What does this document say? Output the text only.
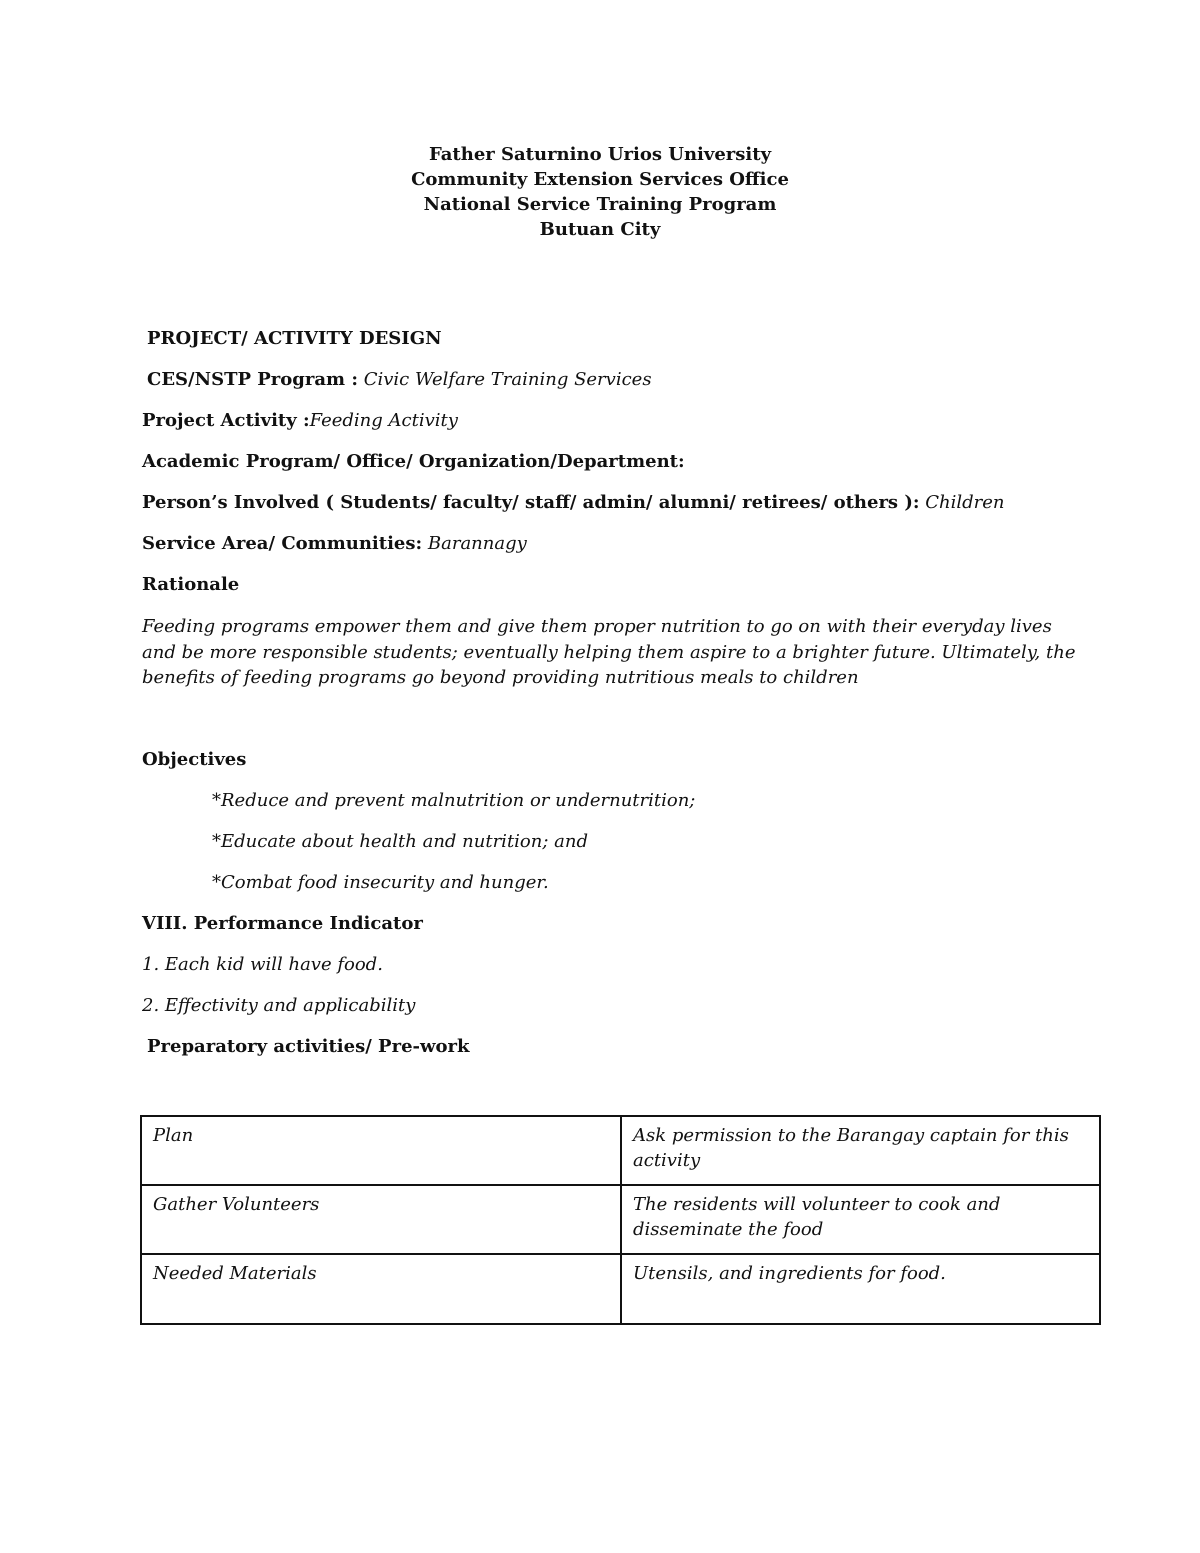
Father Saturnino Urios University
Community Extension Services Office
National Service Training Program
Butuan City
PROJECT/ ACTIVITY DESIGN
CES/NSTP Program : Civic Welfare Training Services
Project Activity :Feeding Activity
Academic Program/ Office/ Organization/Department:
Person’s Involved ( Students/ faculty/ staff/ admin/ alumni/ retirees/ others ): Children
Service Area/ Communities: Barannagy
Rationale
Feeding programs empower them and give them proper nutrition to go on with their everyday lives
and be more responsible students; eventually helping them aspire to a brighter future. Ultimately, the
benefits of feeding programs go beyond providing nutritious meals to children
Objectives
*Reduce and prevent malnutrition or undernutrition;
*Educate about health and nutrition; and
*Combat food insecurity and hunger.
VIII. Performance Indicator
1. Each kid will have food.
2. Effectivity and applicability
Preparatory activities/ Pre-work
Plan	Ask permission to the Barangay captain for this activity
Gather Volunteers	The residents will volunteer to cook and disseminate the food
Needed Materials	Utensils, and ingredients for food.
